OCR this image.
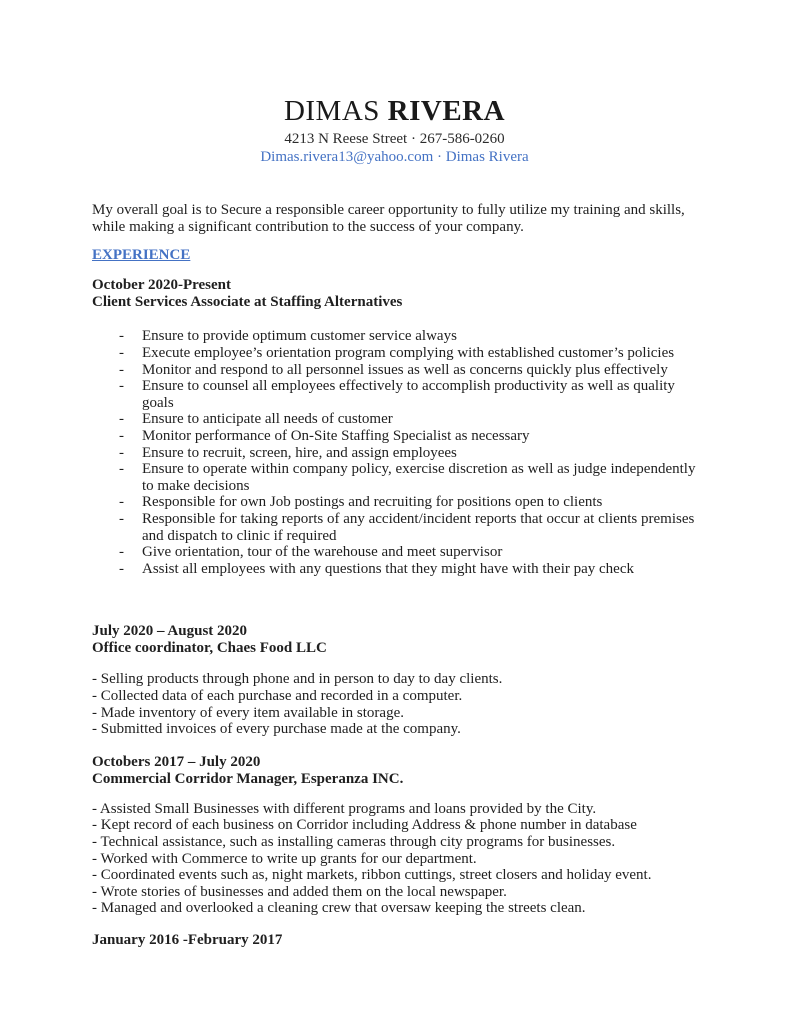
DIMAS RIVERA
4213 N Reese Street · 267-586-0260
Dimas.rivera13@yahoo.com · Dimas Rivera

My overall goal is to Secure a responsible career opportunity to fully utilize my training and skills, while making a significant contribution to the success of your company.

EXPERIENCE
October 2020-Present
Client Services Associate at Staffing Alternatives
- Ensure to provide optimum customer service always
- Execute employee’s orientation program complying with established customer’s policies
- Monitor and respond to all personnel issues as well as concerns quickly plus effectively
- Ensure to counsel all employees effectively to accomplish productivity as well as quality goals
- Ensure to anticipate all needs of customer
- Monitor performance of On-Site Staffing Specialist as necessary
- Ensure to recruit, screen, hire, and assign employees
- Ensure to operate within company policy, exercise discretion as well as judge independently to make decisions
- Responsible for own Job postings and recruiting for positions open to clients
- Responsible for taking reports of any accident/incident reports that occur at clients premises and dispatch to clinic if required
- Give orientation, tour of the warehouse and meet supervisor
- Assist all employees with any questions that they might have with their pay check
July 2020 – August 2020
Office coordinator, Chaes Food LLC
- Selling products through phone and in person to day to day clients.
- Collected data of each purchase and recorded in a computer.
- Made inventory of every item available in storage.
- Submitted invoices of every purchase made at the company.
Octobers 2017 – July 2020
Commercial Corridor Manager, Esperanza INC.
- Assisted Small Businesses with different programs and loans provided by the City.
- Kept record of each business on Corridor including Address & phone number in database
- Technical assistance, such as installing cameras through city programs for businesses.
- Worked with Commerce to write up grants for our department.
- Coordinated events such as, night markets, ribbon cuttings, street closers and holiday event.
- Wrote stories of businesses and added them on the local newspaper.
- Managed and overlooked a cleaning crew that oversaw keeping the streets clean.
January 2016 -February 2017
